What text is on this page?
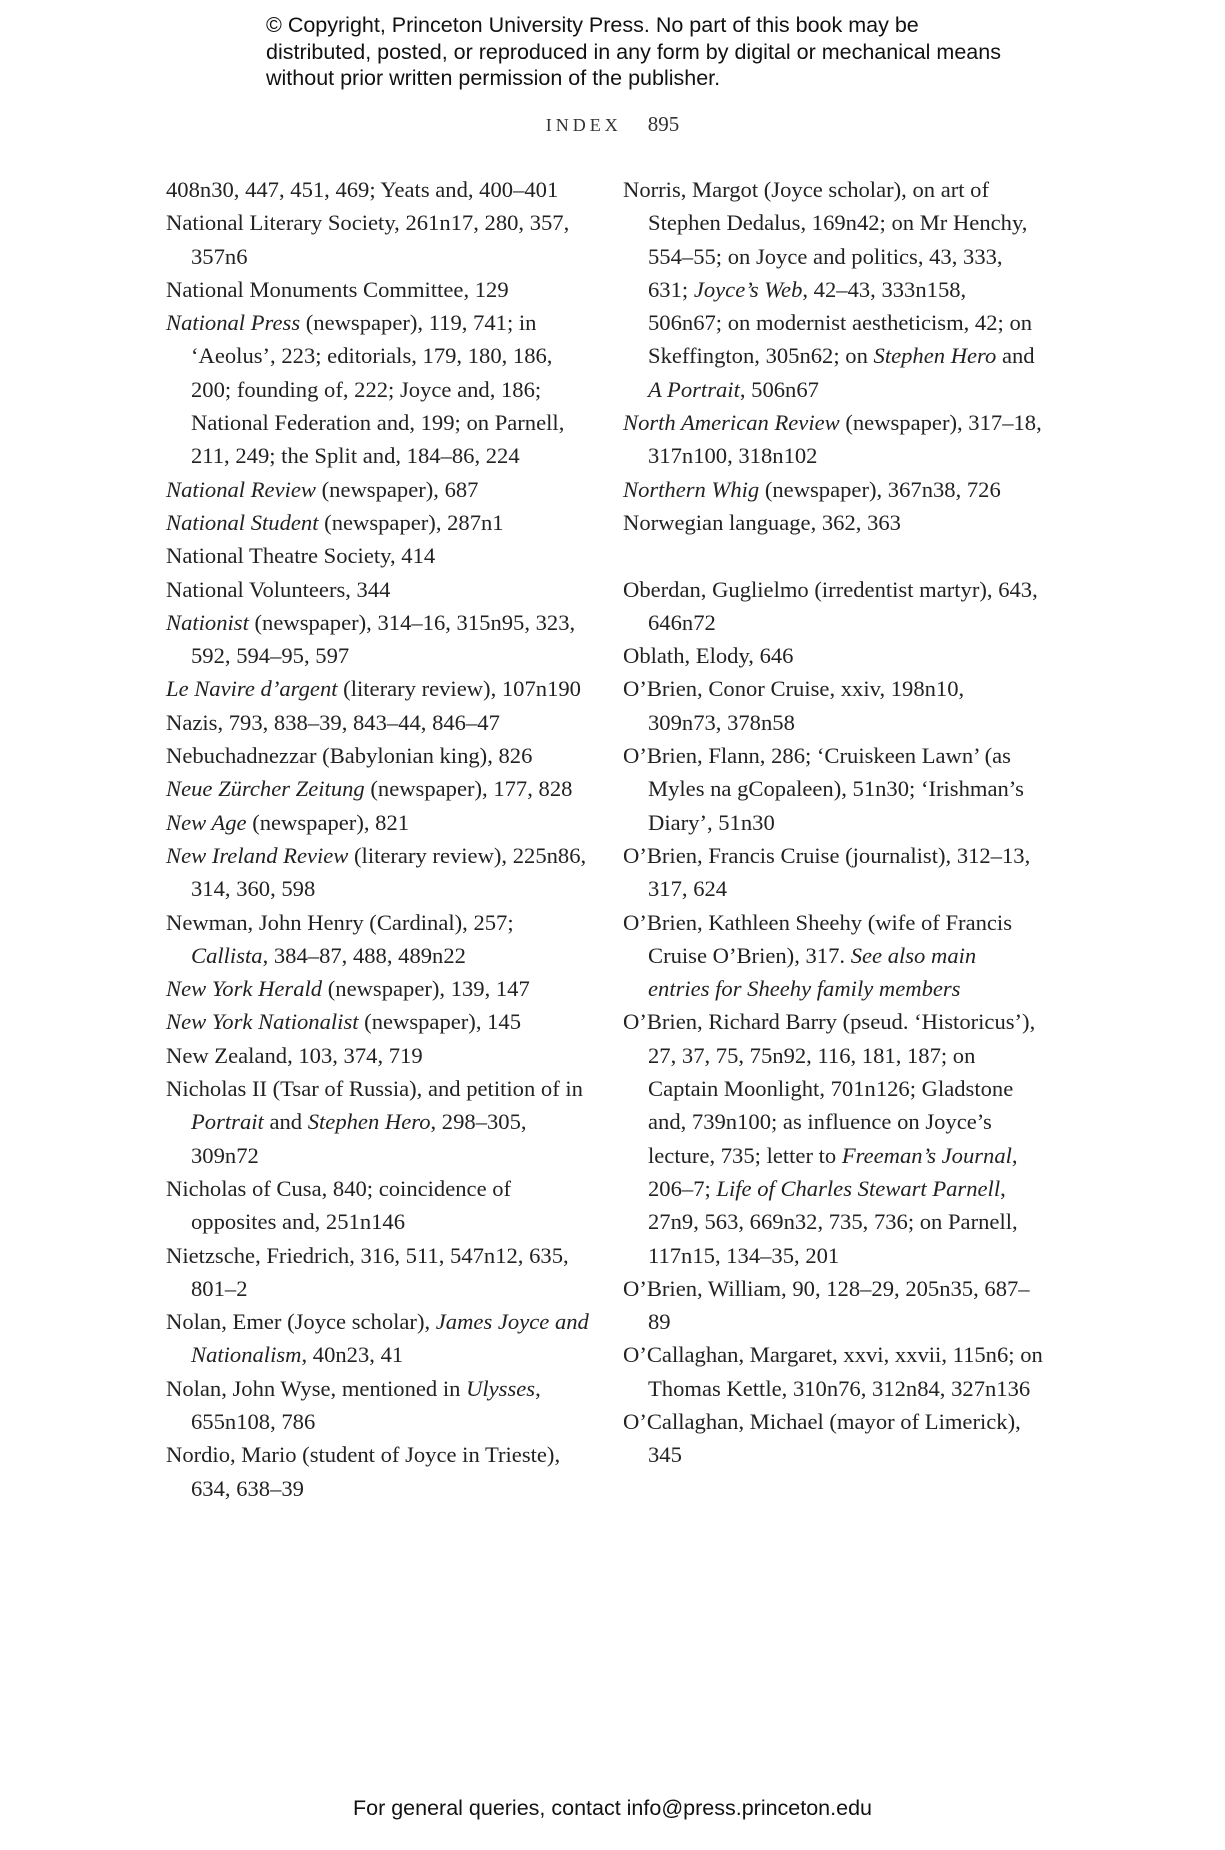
© Copyright, Princeton University Press. No part of this book may be distributed, posted, or reproduced in any form by digital or mechanical means without prior written permission of the publisher.

INDEX 895
408n30, 447, 451, 469; Yeats and, 400–401
National Literary Society, 261n17, 280, 357, 357n6
National Monuments Committee, 129
National Press (newspaper), 119, 741; in ‘Aeolus’, 223; editorials, 179, 180, 186, 200; founding of, 222; Joyce and, 186; National Federation and, 199; on Parnell, 211, 249; the Split and, 184–86, 224
National Review (newspaper), 687
National Student (newspaper), 287n1
National Theatre Society, 414
National Volunteers, 344
Nationist (newspaper), 314–16, 315n95, 323, 592, 594–95, 597
Le Navire d’argent (literary review), 107n190
Nazis, 793, 838–39, 843–44, 846–47
Nebuchadnezzar (Babylonian king), 826
Neue Zürcher Zeitung (newspaper), 177, 828
New Age (newspaper), 821
New Ireland Review (literary review), 225n86, 314, 360, 598
Newman, John Henry (Cardinal), 257; Callista, 384–87, 488, 489n22
New York Herald (newspaper), 139, 147
New York Nationalist (newspaper), 145
New Zealand, 103, 374, 719
Nicholas II (Tsar of Russia), and petition of in Portrait and Stephen Hero, 298–305, 309n72
Nicholas of Cusa, 840; coincidence of opposites and, 251n146
Nietzsche, Friedrich, 316, 511, 547n12, 635, 801–2
Nolan, Emer (Joyce scholar), James Joyce and Nationalism, 40n23, 41
Nolan, John Wyse, mentioned in Ulysses, 655n108, 786
Nordio, Mario (student of Joyce in Trieste), 634, 638–39
Norris, Margot (Joyce scholar), on art of Stephen Dedalus, 169n42; on Mr Henchy, 554–55; on Joyce and politics, 43, 333, 631; Joyce’s Web, 42–43, 333n158, 506n67; on modernist aestheticism, 42; on Skeffington, 305n62; on Stephen Hero and A Portrait, 506n67
North American Review (newspaper), 317–18, 317n100, 318n102
Northern Whig (newspaper), 367n38, 726
Norwegian language, 362, 363
Oberdan, Guglielmo (irredentist martyr), 643, 646n72
Oblath, Elody, 646
O’Brien, Conor Cruise, xxiv, 198n10, 309n73, 378n58
O’Brien, Flann, 286; ‘Cruiskeen Lawn’ (as Myles na gCopaleen), 51n30; ‘Irishman’s Diary’, 51n30
O’Brien, Francis Cruise (journalist), 312–13, 317, 624
O’Brien, Kathleen Sheehy (wife of Francis Cruise O’Brien), 317. See also main entries for Sheehy family members
O’Brien, Richard Barry (pseud. ‘Historicus’), 27, 37, 75, 75n92, 116, 181, 187; on Captain Moonlight, 701n126; Gladstone and, 739n100; as influence on Joyce’s lecture, 735; letter to Freeman’s Journal, 206–7; Life of Charles Stewart Parnell, 27n9, 563, 669n32, 735, 736; on Parnell, 117n15, 134–35, 201
O’Brien, William, 90, 128–29, 205n35, 687–89
O’Callaghan, Margaret, xxvi, xxvii, 115n6; on Thomas Kettle, 310n76, 312n84, 327n136
O’Callaghan, Michael (mayor of Limerick), 345
For general queries, contact info@press.princeton.edu
